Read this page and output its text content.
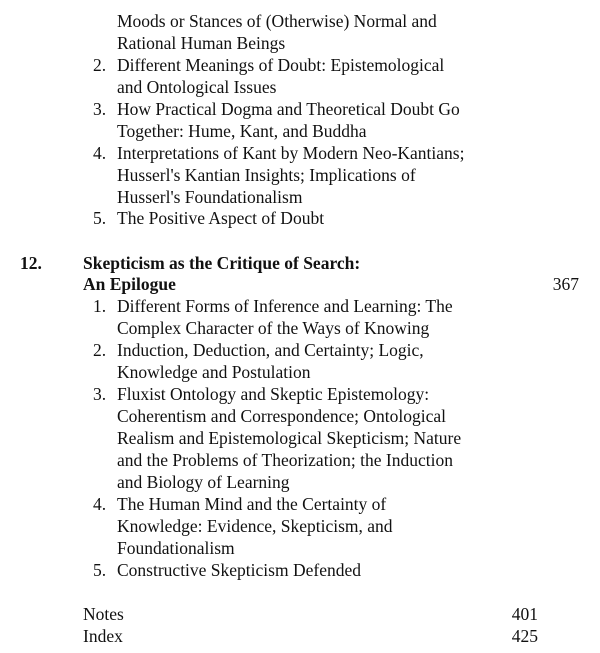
Moods or Stances of (Otherwise) Normal and
Rational Human Beings
2. Different Meanings of Doubt: Epistemological
and Ontological Issues
3. How Practical Dogma and Theoretical Doubt Go
Together: Hume, Kant, and Buddha
4. Interpretations of Kant by Modern Neo-Kantians;
Husserl's Kantian Insights; Implications of
Husserl's Foundationalism
5. The Positive Aspect of Doubt
12. Skepticism as the Critique of Search:
An Epilogue	367
1. Different Forms of Inference and Learning: The
Complex Character of the Ways of Knowing
2. Induction, Deduction, and Certainty; Logic,
Knowledge and Postulation
3. Fluxist Ontology and Skeptic Epistemology:
Coherentism and Correspondence; Ontological
Realism and Epistemological Skepticism; Nature
and the Problems of Theorization; the Induction
and Biology of Learning
4. The Human Mind and the Certainty of
Knowledge: Evidence, Skepticism, and
Foundationalism
5. Constructive Skepticism Defended
Notes	401
Index	425
